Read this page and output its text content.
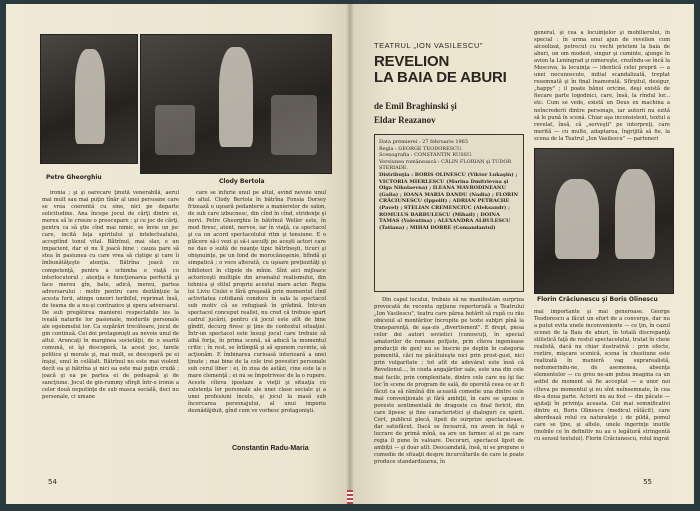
Petre Gheorghiu
Clody Bertola

ironia ; şi şi oarecare ţinută venerabilă, aerul mai mult sau mai puţin tînăr al unei persoane care se vrea coerentă cu sine, nici pe departe solicitudine. Ana începe jocul de cărţi dintre ei, mereu să le creeze o preocupare ; şi ce joc de cărţi, pentru ca să ştie cînd mai nimic, se învie un joc care, incită faţa spiritului şi intelectualului, acceptînd tonul vital. Bătrînul, mai slav, e un impacient, dar ei nu îl joacă bine ; cauza pare să stea în pasiunea cu care vrea să cîştige şi care îi îmbunătăţeşte atenţia. Bătrîna joacă cu competenţă, pentru a schimba o viaţă cu interlocutorul ; atenţia e funcţionarea perfectă şi face mereu gîn, bate, adică, mereu, partea adversarului : motiv pentru care dezlănţuie la acesta furii, atinge uneori teribilul, reprimat însă, de teama de a nu-şi contrazice şi spera adversarul. De sub pregătirea manierei respectabile ies la iveală naturile lor pasionale, modurile personale ale egoismului lor. Ca supărări trecătoare, jocul de gin continuă. Cei doi protagonişti au nevoie unul de altul. Aruncaţi în marginea societăţii, de o soartă comună, ei îşi descoperă, la acest joc, tarele politice şi morale şi, mai mult, se descoperă pe ei înşişi, unul în celălalt. Bătrînul nu este mai violent decît ea şi bătrîna şi nici ea este mai puţin crudă ; joacă şi ea pe partea ei de pedeapsă şi de sancţiune. Jocul de gin-rummy sfîrşit într-o ironie a celor două neputinţe de sub masca socială, deci nu personale, ci umane

care se înfurie unul pe altul, avînd nevoie unul de altul. Clody Bertola în bătrîna Fonsia Dorsey frizează o uşoară pedanterie a manierelor de salon, de sub care izbucnesc, din cînd în cînd, stridenţe şi nervi. Petre Gheorghiu în bătrînul Weller este, în mod firesc, atent, nervos, iar în viaţă, ca spectacol şi ca un acord spectacolului ritm şi tensiune. E o plăcere să-i vezi şi să-i asculţi pe aceşti actori care ne dau o suită de nuanţe tipic bătrîneşti, ticuri şi obişnuinţe, pe un fond de morocănoşenie, blîndă şi simpatică ; o voce alterată, cu uşoare preţiozităţi şi biblioteci în clipele de mînie. Sînt aici mijloace actoriceşti multiple din arsenalul realismului, din tehnica şi stilul propriu acestui mare actor. Regia lui Liviu Ciulei e fără greşeală prin momentul cînd activitatea cotidiană conduce în sala la spectacol sub motiv că se refugiază în grădină. Într-un spectacol conceput realist, nu cred că trebuie spart cadrul jucării, pentru că jocul este atît de bine gîndit, decurg firesc şi ţine de contextul situaţiei. Într-un spectacol este însuşi jocul care trebuie să aibă forţa, în prima scenă, să aducă la momentul critic ; în rest, se întîmplă şi să spunem cuvinte, să acţionăm. E îmbinarea curioasă interioară a unei ţinute ; mai bine de la cele trei povestiri personale sub cerul liber : ei, în ziua de astăzi, cine este la o mare clemenţă ; ei nu se împotrivesc de la o rupere. Aceste cîteva ipostaze a vieţii şi situaţia cu existenţa lor personale ale unei clase sociale şi a unei profesiuni încolo, şi jocul la masă sub încercarea personajului, al unui imperiu deznădăjduit, gînd cum ve vorbesc protagonişti.

Constantin Radu-Maria
54
TEATRUL „ION VASILESCU"
REVELION
LA BAIA DE ABURI
de Emil Braghinski şi
Eldar Reazanov

Data premierei : 27 februarie 1965

Regia : GEORGE TEODORESCU.

Scenografia : CONSTANTIN RUSSU.

Versiunea românească : CĂLIN FLORIAN şi TUDOR STERIADE.

Distribuţia : BORIS OLINESCU (Viktor Lukaşin) ; VICTORIA MIERLESCU (Marina Dmitrievna şi Olga Nikolaevna) ; ILEANA MAVRODINEANU (Galia) ; IOANA MARIA DANDU (Nadia) ; FLORIN CRĂCIUNESCU (Ippolit) ; ADRIAN PETRACHE (Pavel) ; STELIAN CREMENCIUC (Aleksandr) ; ROMULUS BARBULESCU (Mihail) ; DOINA TAMAS (Valentina) ; ALEXANDRA ALBULESCU (Tatiana) ; MIHAI DOBRE (Comandantul)

Din capul locului, trebuie să ne manifestăm surpriza provocată de recenta opţiune repertorială a Teatrului „Ion Vasilescu", teatru care părea hotărît să rupă cu rău obiceiul al montărilor încropite pe texte subţiri pînă la transparenţă, de aşa-zis „divertisment". E drept, piesa celor doi autori sovietici (cunoscuţi, în special amatorilor de romane polţiste, prin cîteva ingenioase producţii de gen) nu se înscrie pe deplin în categoria pomenită, căci nu păcătuieşte nici prin prost-gust, nici prin vulgaritate ; tot atît de adevărat este însă că Revelionul..., în ciuda angajărilor sale, este una din cele mai facile, prin complexitate, dintre cele care nu îşi fac loc în scene de program de sală, de operetă ceea ce ar fi făcut ca să rămînă din această comedie una dintre cele mai convenţionale şi fără ambiţii, în care se spune o poveste sentimentală de dragoste cu final fericit, din care lipsesc şi fine caracteristici şi dialoguri cu spirit. Cert, publicul plecă, lipsit de surprize spectaculoase, dar satisfăcut. Dacă se încearcă, nu avem în faţă o lucrare de primă mînă, ea are un farmec al ei pe care regia îl pune în valoare. Decoruri, spectacol lipsit de ambiţii — şi doar atît. Deocamdată, însă, ni se propune o comedie de situaţii despre incurcăturile de care le poate produce standardizarea, în

general, şi cea a locuinţelor şi mobilierului, în special : în urma unui ajun de revelion cum alcoolizat, petrecut cu vechi prieteni la baia de aburi, un om modest, singur şi cuminte, ajunge în avion la Leningrad şi nimereşte, crezîndu-se încă la Moscova, la locuinţa — identică celei proprii — a unei necunoscute, initial scandalizată, treptat resemnată şi în final înamorată. Sfîrşitul, desigur, „happy" ; il poate bănui oricine, deşi există de fiecare parte logodnici, care, însă, la rîndul lor... etc. Cum se vede, există un Deus ex machina a neîncrederii dintre personaje, iar autorii nu ezită să le pună în scenă. Chiar aşa inconsistent, textul a revelat, însă, că „serveşti" pe interpreţi, care merită — cu multe, adaptarea, îngrijită să fie, la scena de la Teatrul „Ion Vasilescu" — parteneri

Florin Crăciunescu şi Boris Olinescu

mai importante şi mai generoase. George Teodorescu a făcut un efort de a converge, dar nu a putut evita unele inconveniente — ce ţin, în cazul scenei de la Baia de aburi, în totală discrepanţă stilistică faţă de restul spectacolului, tratat în cheie realistă, dacă nu chiar ilustrativă : prin efecte, roztire, mişcare scenică, scena în chestiune este realizată în manieră vag suprarealistă, nedumerindu-ne, de asemenea, absenţa elementelor — cu greu ne-am putea imagina ca un astfel de moment să fie acceptat — a unor noi cîteva pe momentul şi nu sînt neînsemnate, în cea de-a doua parte. Actorii nu au fost — din păcate — ajutaţi în privinţa aceasta. Cei mai semnificativi dintre ei, Boris Olinescu (medicul rătăcit), care abordează rolul cu naturaleţe ; de pildă, pomul care se ţine, şi altele, unele ingerinţe inutile (mobile ce în definitiv nu au o legătură stringentă cu sensul textului). Florin Crăciunescu, rolul ingrat

55
